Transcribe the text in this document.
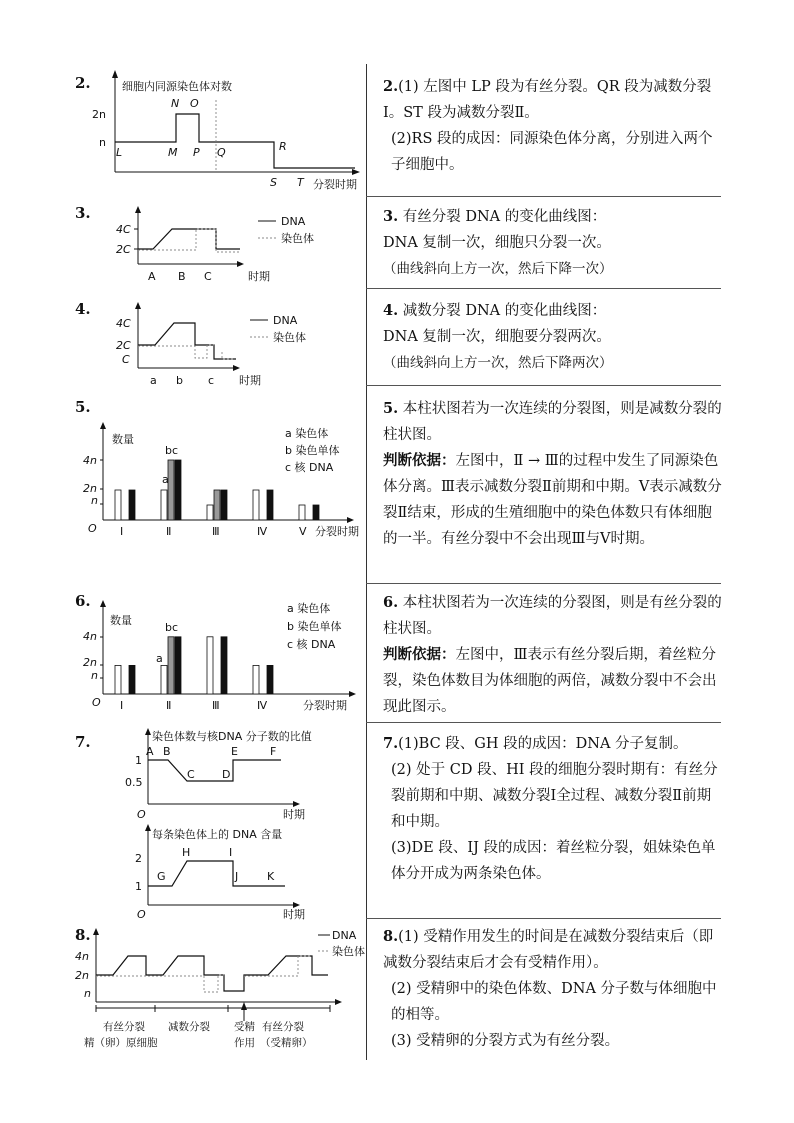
2.	细胞内同源染色体对数
2n
n
N O
L	M P Q	R
S T 分裂时期
3.
4C
2C
A B C	时期
DNA
染色体
4.
4C
2C
C
a b c 时期
DNA
染色体
5.
数量
4n
2n
n
a
bc
O Ⅰ	Ⅱ	Ⅲ	Ⅳ	Ⅴ 分裂时期
a 染色体
b 染色单体
c 核 DNA
6.
数量
4n
2n
n
a
bc
O Ⅰ	Ⅱ	Ⅲ	Ⅳ	分裂时期
a 染色体
b 染色单体
c 核 DNA
7.	染色体数与核DNA 分子数的比值
1
0.5
A B
C D
E	F
O	时期
每条染色体上的 DNA 含量
2
1
G
H	I
J	K
O	时期
8.
4n
2n
n
DNA
染色体
有丝分裂
精（卵）原细胞
减数分裂 受精
作用
有丝分裂
（受精卵）

2.(1) 左图中 LP 段为有丝分裂。QR 段为减数分裂Ⅰ。ST 段为减数分裂Ⅱ。

(2)RS 段的成因：同源染色体分离，分别进入两个子细胞中。

3. 有丝分裂 DNA 的变化曲线图：

DNA 复制一次，细胞只分裂一次。

（曲线斜向上方一次，然后下降一次）

4. 减数分裂 DNA 的变化曲线图：

DNA 复制一次，细胞要分裂两次。

（曲线斜向上方一次，然后下降两次）

5. 本柱状图若为一次连续的分裂图，则是减数分裂的柱状图。

判断依据：左图中，Ⅱ → Ⅲ的过程中发生了同源染色体分离。Ⅲ表示减数分裂Ⅱ前期和中期。Ⅴ表示减数分裂Ⅱ结束，形成的生殖细胞中的染色体数只有体细胞的一半。有丝分裂中不会出现Ⅲ与Ⅴ时期。

6. 本柱状图若为一次连续的分裂图，则是有丝分裂的柱状图。

判断依据：左图中，Ⅲ表示有丝分裂后期，着丝粒分裂，染色体数目为体细胞的两倍，减数分裂中不会出现此图示。

7.(1)BC 段、GH 段的成因：DNA 分子复制。

(2) 处于 CD 段、HI 段的细胞分裂时期有：有丝分裂前期和中期、减数分裂Ⅰ全过程、减数分裂Ⅱ前期和中期。

(3)DE 段、IJ 段的成因：着丝粒分裂，姐妹染色单体分开成为两条染色体。

8.(1) 受精作用发生的时间是在减数分裂结束后（即减数分裂结束后才会有受精作用）。

(2) 受精卵中的染色体数、DNA 分子数与体细胞中的相等。

(3) 受精卵的分裂方式为有丝分裂。
